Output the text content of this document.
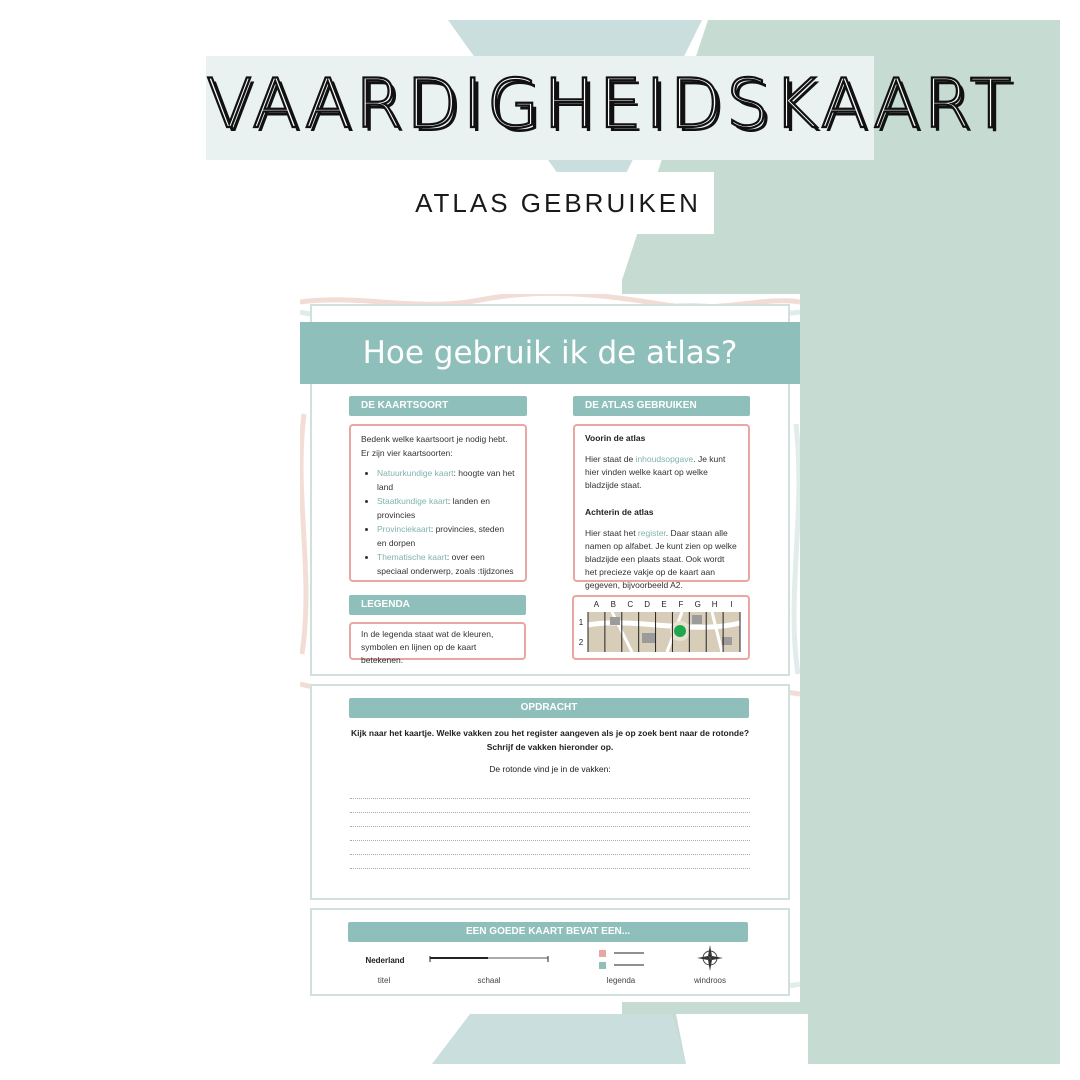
VAARDIGHEIDSKAART
ATLAS GEBRUIKEN
Hoe gebruik ik de atlas?
DE KAARTSOORT
Bedenk welke kaartsoort je nodig hebt.
Er zijn vier kaartsoorten:
• Natuurkundige kaart: hoogte van het land
• Staatkundige kaart: landen en provincies
• Provinciekaart: provincies, steden en dorpen
• Thematische kaart: over een speciaal onderwerp, zoals :tijdzones
DE ATLAS GEBRUIKEN
Voorin de atlas
Hier staat de inhoudsopgave. Je kunt hier vinden welke kaart op welke bladzijde staat.
Achterin de atlas
Hier staat het register. Daar staan alle namen op alfabet. Je kunt zien op welke bladzijde een plaats staat. Ook wordt het precieze vakje op de kaart aan gegeven, bijvoorbeeld A2.
LEGENDA
In de legenda staat wat de kleuren, symbolen en lijnen op de kaart betekenen.
A B C D E F G H I
1
2
OPDRACHT
Kijk naar het kaartje. Welke vakken zou het register aangeven als je op zoek bent naar de rotonde?
Schrijf de vakken hieronder op.
De rotonde vind je in de vakken:
EEN GOEDE KAART BEVAT EEN...
Nederland
titel	schaal	legenda	windroos
